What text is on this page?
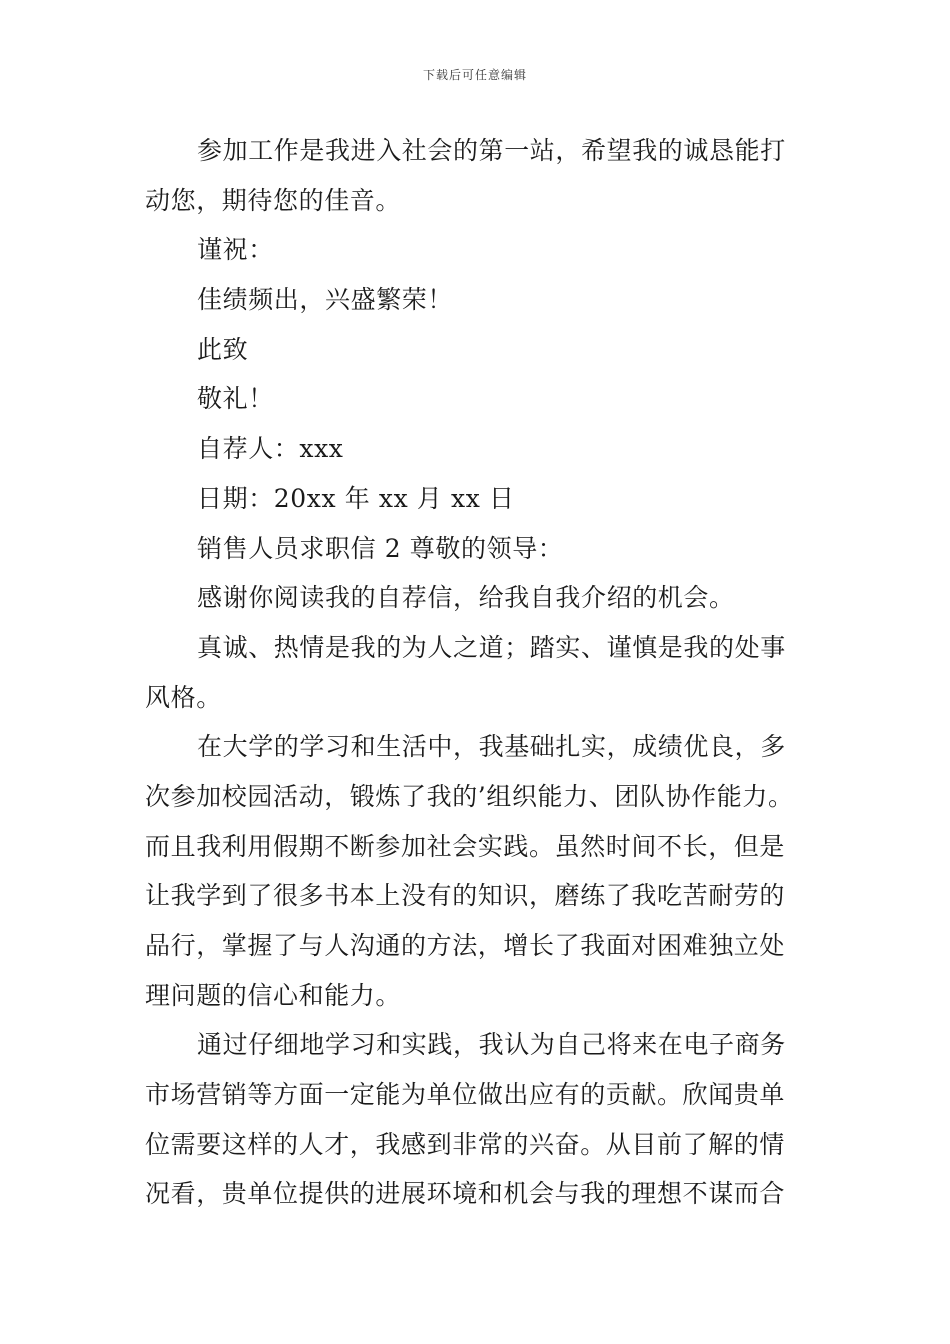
下载后可任意编辑
参加工作是我进入社会的第一站，希望我的诚恳能打
动您，期待您的佳音。
谨祝：
佳绩频出，兴盛繁荣！
此致
敬礼！
自荐人：xxx
日期：20xx 年 xx 月 xx 日
销售人员求职信 2 尊敬的领导：
感谢你阅读我的自荐信，给我自我介绍的机会。
真诚、热情是我的为人之道；踏实、谨慎是我的处事
风格。
在大学的学习和生活中，我基础扎实，成绩优良，多
次参加校园活动，锻炼了我的’组织能力、团队协作能力。
而且我利用假期不断参加社会实践。虽然时间不长，但是
让我学到了很多书本上没有的知识，磨练了我吃苦耐劳的
品行，掌握了与人沟通的方法，增长了我面对困难独立处
理问题的信心和能力。
通过仔细地学习和实践，我认为自己将来在电子商务
市场营销等方面一定能为单位做出应有的贡献。欣闻贵单
位需要这样的人才，我感到非常的兴奋。从目前了解的情
况看，贵单位提供的进展环境和机会与我的理想不谋而合
